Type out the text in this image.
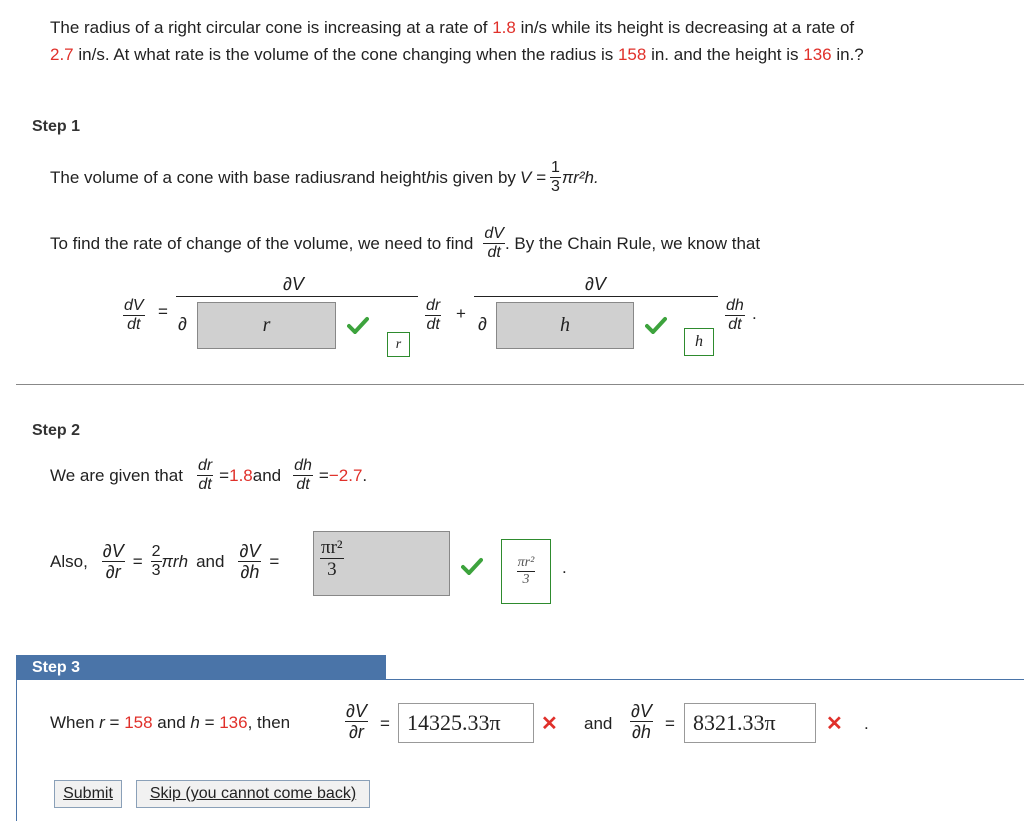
The radius of a right circular cone is increasing at a rate of 1.8 in/s while its height is decreasing at a rate of
2.7 in/s. At what rate is the volume of the cone changing when the radius is 158 in. and the height is 136 in.?
Step 1
The volume of a cone with base radius r and height h is given by $V = \frac{1}{3} \pi r^2h$.
To find the rate of change of the volume, we need to find $\frac{dV}{dt}$ . By the Chain Rule, we know that
$\frac{dV}{dt}$ =
∂V
∂	r
r
$\frac{dr}{dt}$ +
∂V
∂	h
h
$\frac{dh}{dt}$ .
Step 2
We are given that $\frac{dr}{dt} = 1.8$ and $\frac{dh}{dt} = -2.7$ .
Also, $\frac{\partial V}{\partial r} = \frac{2}{3}$ πrh and $\frac{\partial V}{\partial h} = \frac{\text{πr²}}{3}$	$\frac{\text{πr²}}{3}$ .
Step 3
When r = 158 and h = 136, then	$\frac{\partial V}{\partial r} = 14325.33\pi$ ✕ and $\frac{\partial V}{\partial h} = 8321.33\pi$	✕ .
Submit	Skip (you cannot come back)
